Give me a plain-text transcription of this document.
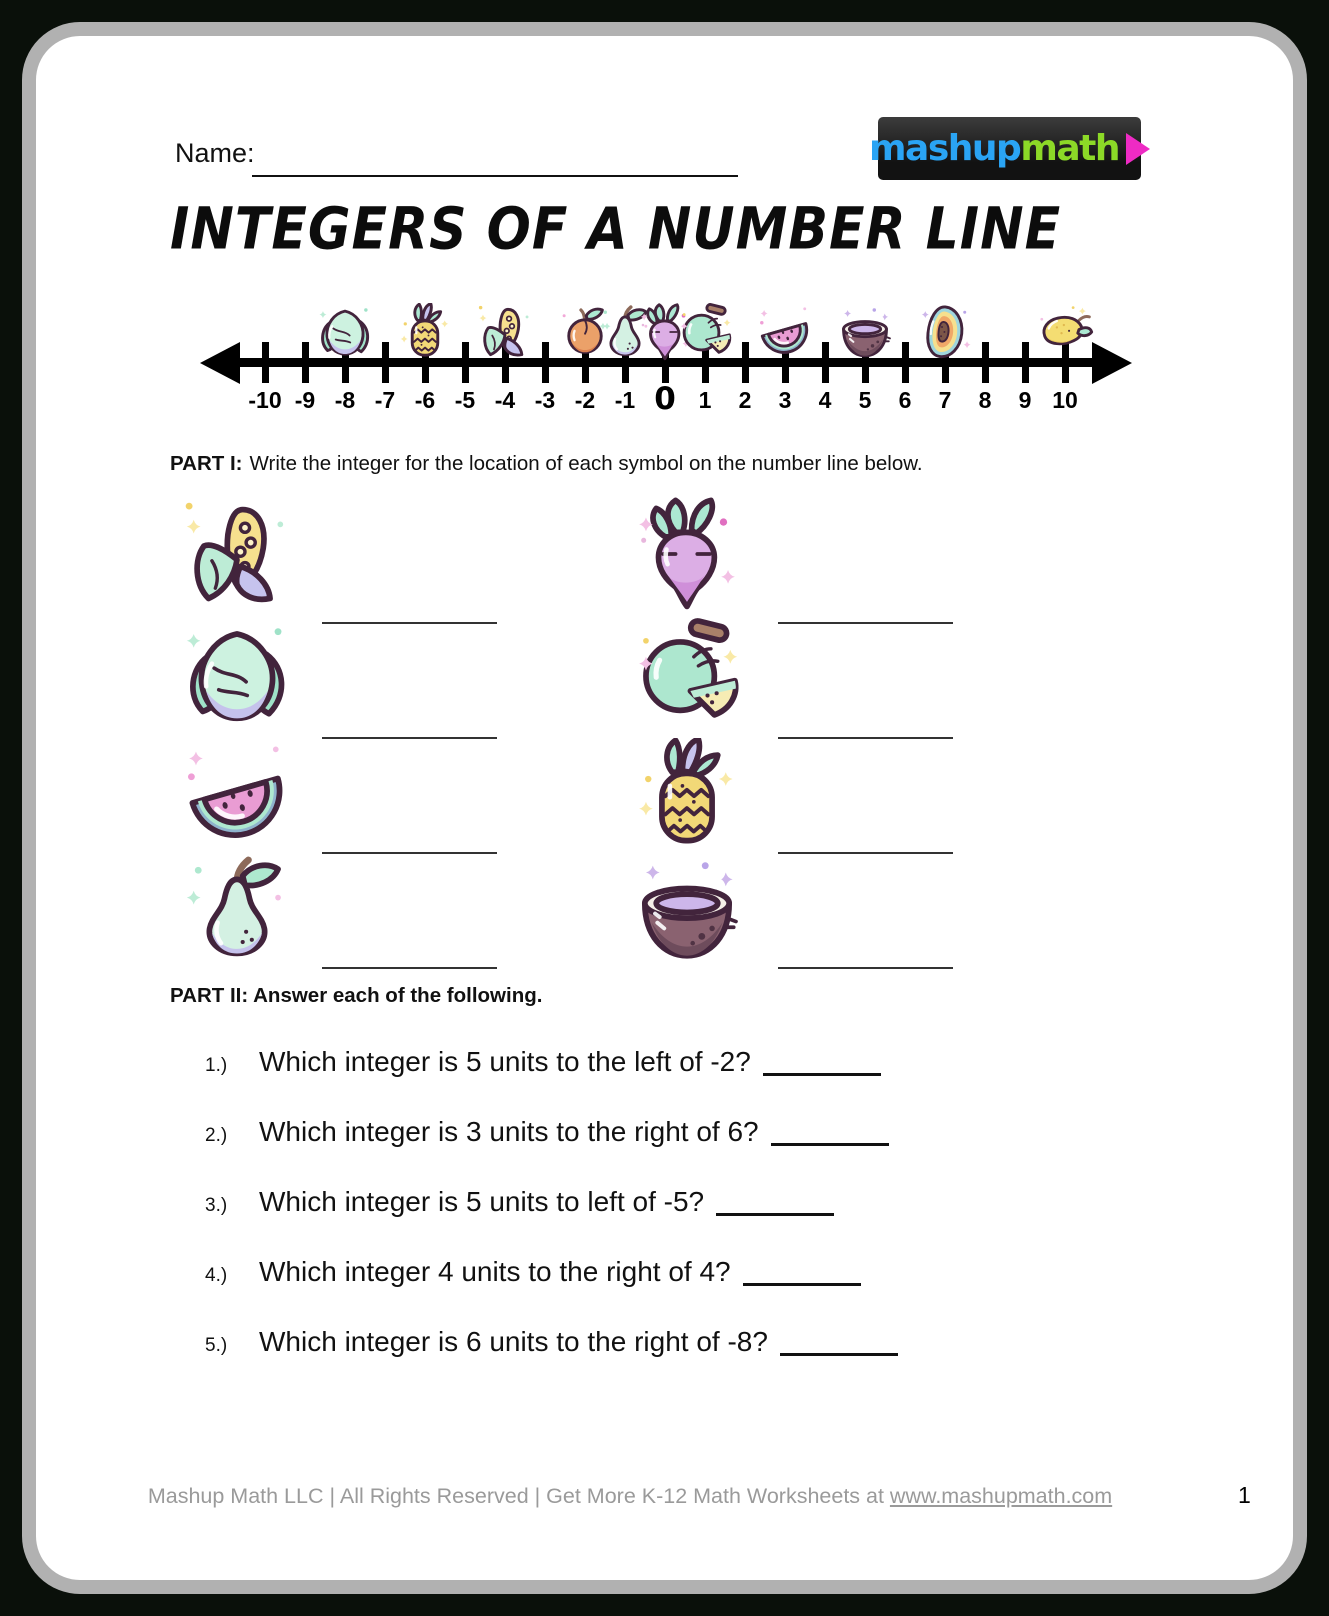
Name:	mashup math
INTEGERS OF A NUMBER LINE
-10 -9 -8 -7 -6 -5 -4 -3 -2 -1 0 1	2	3	4	5	6	7	8	9 10
PART I: Write the integer for the location of each symbol on the number line below.
PART II: Answer each of the following.
1.)	Which integer is 5 units to the left of -2?
2.)	Which integer is 3 units to the right of 6?
3.)	Which integer is 5 units to left of -5?
4.)	Which integer 4 units to the right of 4?
5.)	Which integer is 6 units to the right of -8?
Mashup Math LLC | All Rights Reserved | Get More K-12 Math Worksheets at www.mashupmath.com	1
